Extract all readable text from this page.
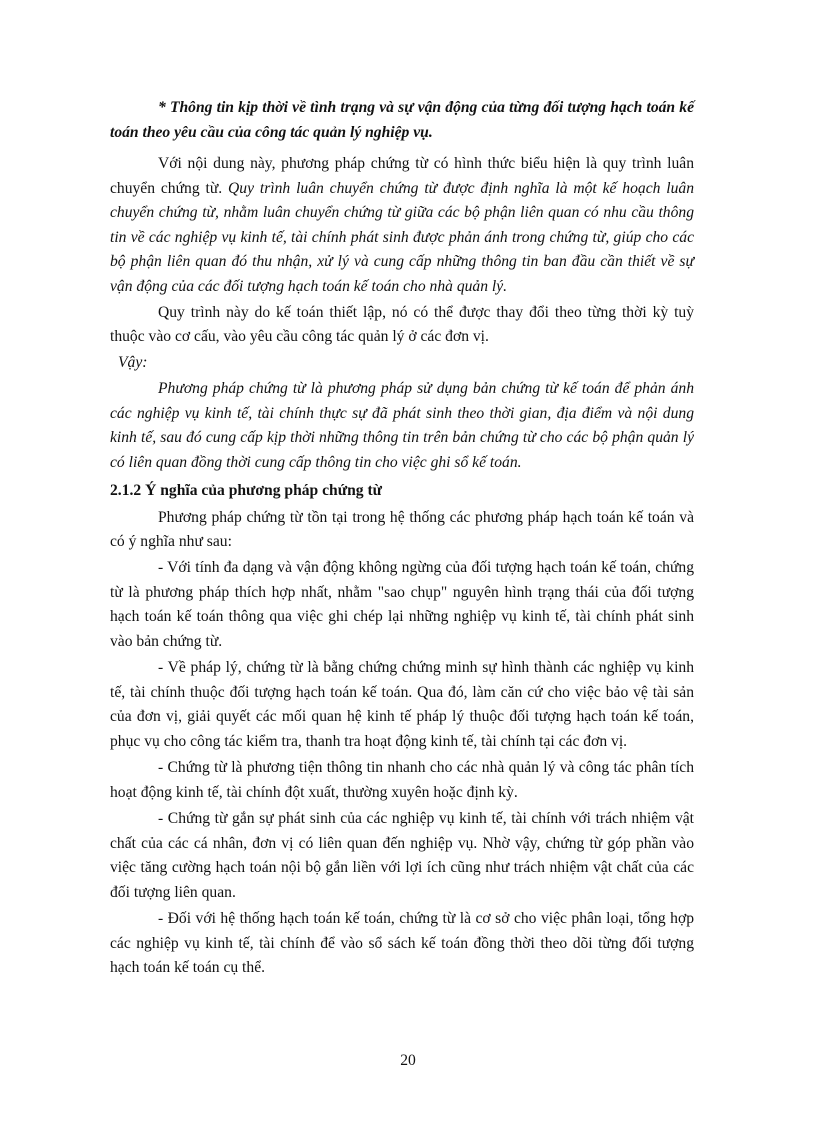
* Thông tin kịp thời về tình trạng và sự vận động của từng đối tượng hạch toán kế toán theo yêu cầu của công tác quản lý nghiệp vụ.

Với nội dung này, phương pháp chứng từ có hình thức biểu hiện là quy trình luân chuyển chứng từ. Quy trình luân chuyển chứng từ được định nghĩa là một kế hoạch luân chuyển chứng từ, nhằm luân chuyển chứng từ giữa các bộ phận liên quan có nhu cầu thông tin về các nghiệp vụ kinh tế, tài chính phát sinh được phản ánh trong chứng từ, giúp cho các bộ phận liên quan đó thu nhận, xử lý và cung cấp những thông tin ban đầu cần thiết về sự vận động của các đối tượng hạch toán kế toán cho nhà quản lý.

Quy trình này do kế toán thiết lập, nó có thể được thay đổi theo từng thời kỳ tuỳ thuộc vào cơ cấu, vào yêu cầu công tác quản lý ở các đơn vị.

Vậy:

Phương pháp chứng từ là phương pháp sử dụng bản chứng từ kế toán để phản ánh các nghiệp vụ kinh tế, tài chính thực sự đã phát sinh theo thời gian, địa điểm và nội dung kinh tế, sau đó cung cấp kịp thời những thông tin trên bản chứng từ cho các bộ phận quản lý có liên quan đồng thời cung cấp thông tin cho việc ghi sổ kế toán.

2.1.2 Ý nghĩa của phương pháp chứng từ

Phương pháp chứng từ tồn tại trong hệ thống các phương pháp hạch toán kế toán và có ý nghĩa như sau:

- Với tính đa dạng và vận động không ngừng của đối tượng hạch toán kế toán, chứng từ là phương pháp thích hợp nhất, nhằm "sao chụp" nguyên hình trạng thái của đối tượng hạch toán kế toán thông qua việc ghi chép lại những nghiệp vụ kinh tế, tài chính phát sinh vào bản chứng từ.

- Về pháp lý, chứng từ là bằng chứng chứng minh sự hình thành các nghiệp vụ kinh tế, tài chính thuộc đối tượng hạch toán kế toán. Qua đó, làm căn cứ cho việc bảo vệ tài sản của đơn vị, giải quyết các mối quan hệ kinh tế pháp lý thuộc đối tượng hạch toán kế toán, phục vụ cho công tác kiểm tra, thanh tra hoạt động kinh tế, tài chính tại các đơn vị.

- Chứng từ là phương tiện thông tin nhanh cho các nhà quản lý và công tác phân tích hoạt động kinh tế, tài chính đột xuất, thường xuyên hoặc định kỳ.

- Chứng từ gắn sự phát sinh của các nghiệp vụ kinh tế, tài chính với trách nhiệm vật chất của các cá nhân, đơn vị có liên quan đến nghiệp vụ. Nhờ vậy, chứng từ góp phần vào việc tăng cường hạch toán nội bộ gắn liền với lợi ích cũng như trách nhiệm vật chất của các đối tượng liên quan.

- Đối với hệ thống hạch toán kế toán, chứng từ là cơ sở cho việc phân loại, tổng hợp các nghiệp vụ kinh tế, tài chính để vào sổ sách kế toán đồng thời theo dõi từng đối tượng hạch toán kế toán cụ thể.

20
